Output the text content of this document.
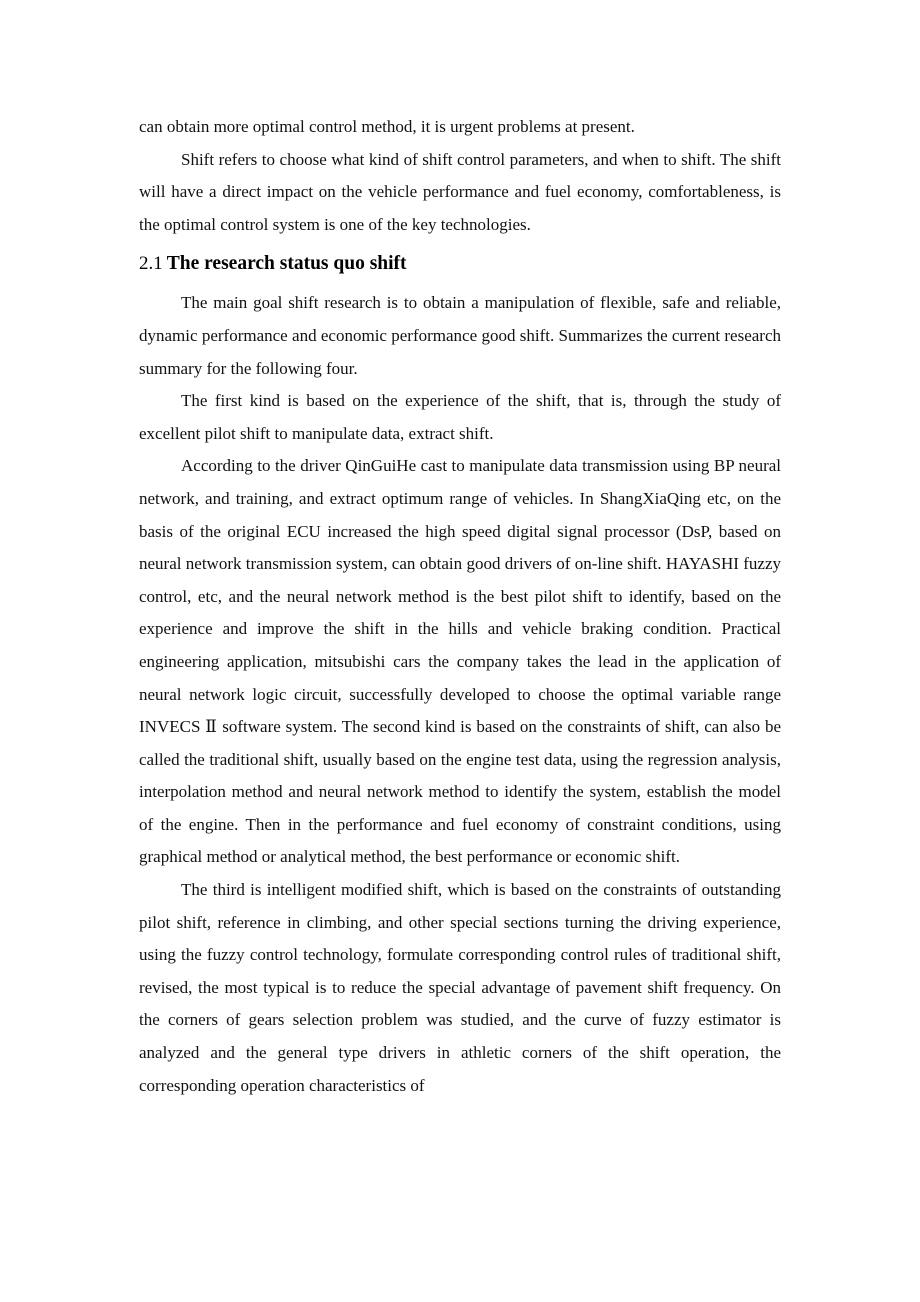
can obtain more optimal control method, it is urgent problems at present.

Shift refers to choose what kind of shift control parameters, and when to shift. The shift will have a direct impact on the vehicle performance and fuel economy, comfortableness, is the optimal control system is one of the key technologies.

2.1 The research status quo shift

The main goal shift research is to obtain a manipulation of flexible, safe and reliable, dynamic performance and economic performance good shift. Summarizes the current research summary for the following four.

The first kind is based on the experience of the shift, that is, through the study of excellent pilot shift to manipulate data, extract shift.

According to the driver QinGuiHe cast to manipulate data transmission using BP neural network, and training, and extract optimum range of vehicles. In ShangXiaQing etc, on the basis of the original ECU increased the high speed digital signal processor (DsP, based on neural network transmission system, can obtain good drivers of on-line shift. HAYASHI fuzzy control, etc, and the neural network method is the best pilot shift to identify, based on the experience and improve the shift in the hills and vehicle braking condition. Practical engineering application, mitsubishi cars the company takes the lead in the application of neural network logic circuit, successfully developed to choose the optimal variable range INVECS Ⅱ software system. The second kind is based on the constraints of shift, can also be called the traditional shift, usually based on the engine test data, using the regression analysis, interpolation method and neural network method to identify the system, establish the model of the engine. Then in the performance and fuel economy of constraint conditions, using graphical method or analytical method, the best performance or economic shift.

The third is intelligent modified shift, which is based on the constraints of outstanding pilot shift, reference in climbing, and other special sections turning the driving experience, using the fuzzy control technology, formulate corresponding control rules of traditional shift, revised, the most typical is to reduce the special advantage of pavement shift frequency. On the corners of gears selection problem was studied, and the curve of fuzzy estimator is analyzed and the general type drivers in athletic corners of the shift operation, the corresponding operation characteristics of
